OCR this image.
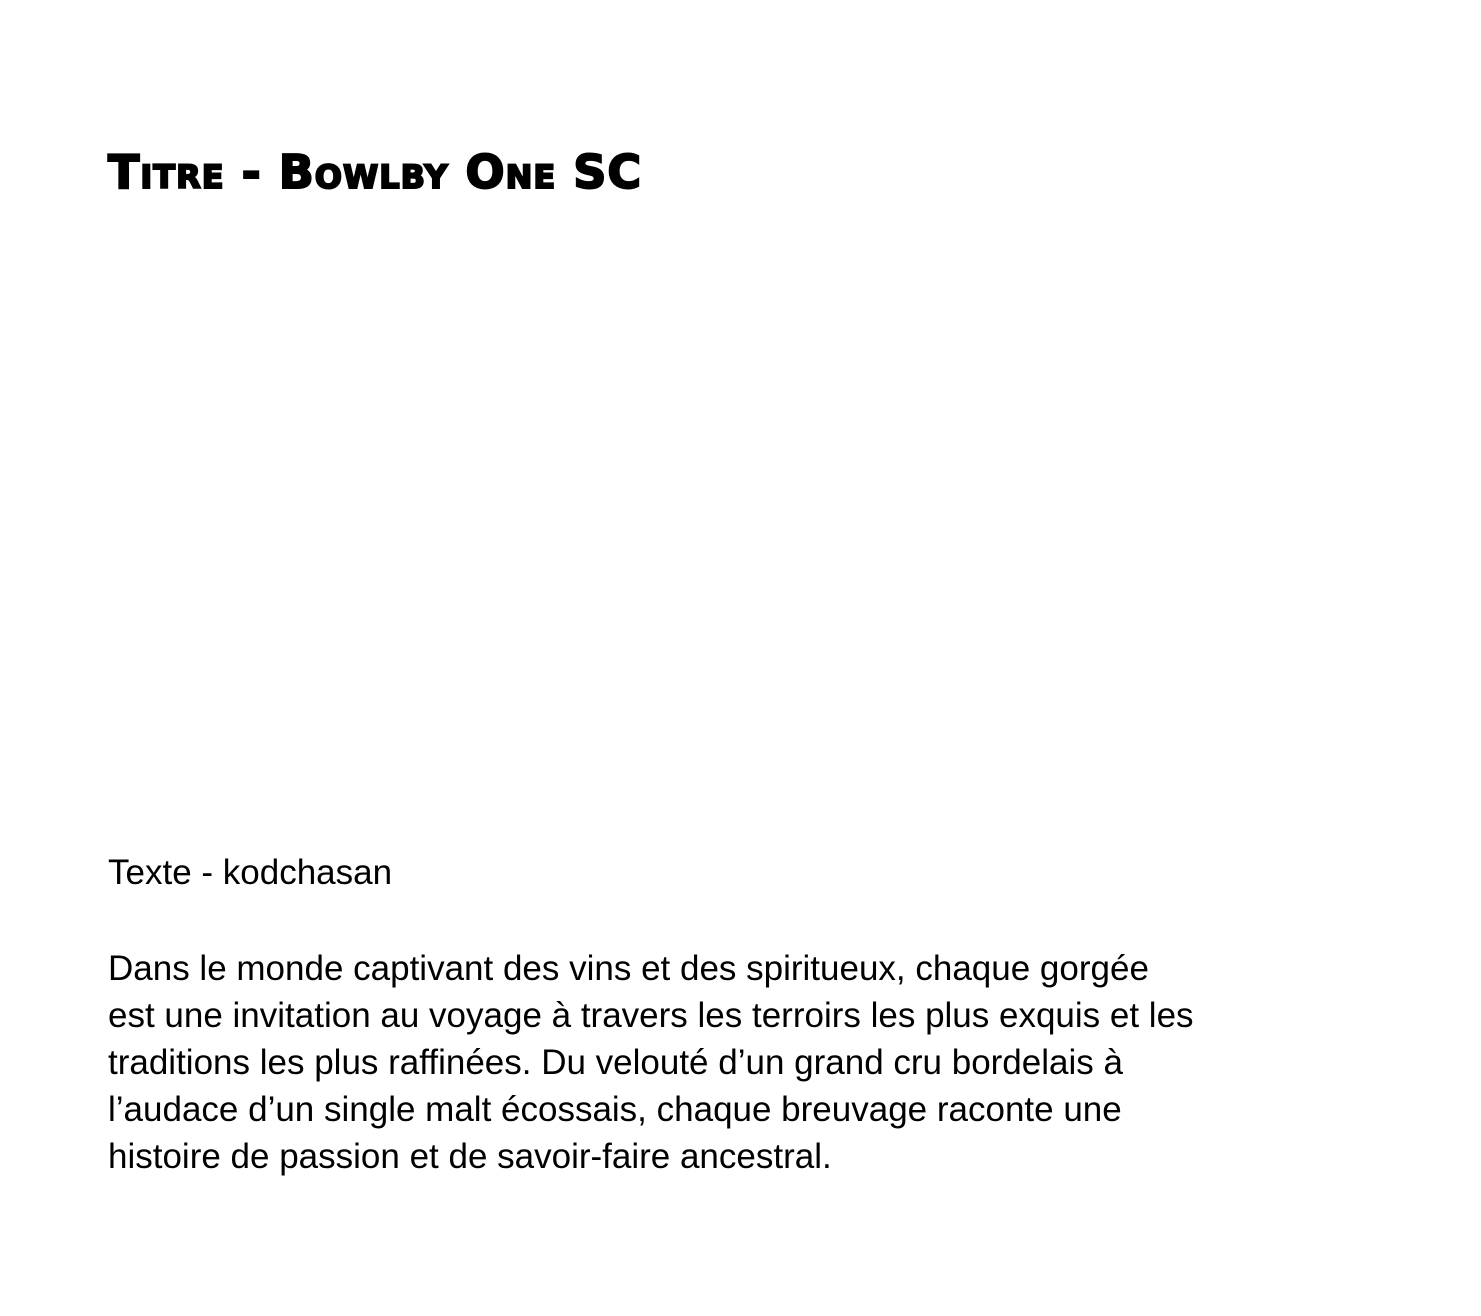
Titre - Bowlby One SC

Texte - kodchasan

Dans le monde captivant des vins et des spiritueux, chaque gorgée
est une invitation au voyage à travers les terroirs les plus exquis et les
traditions les plus raffinées. Du velouté d’un grand cru bordelais à
l’audace d’un single malt écossais, chaque breuvage raconte une
histoire de passion et de savoir-faire ancestral.
